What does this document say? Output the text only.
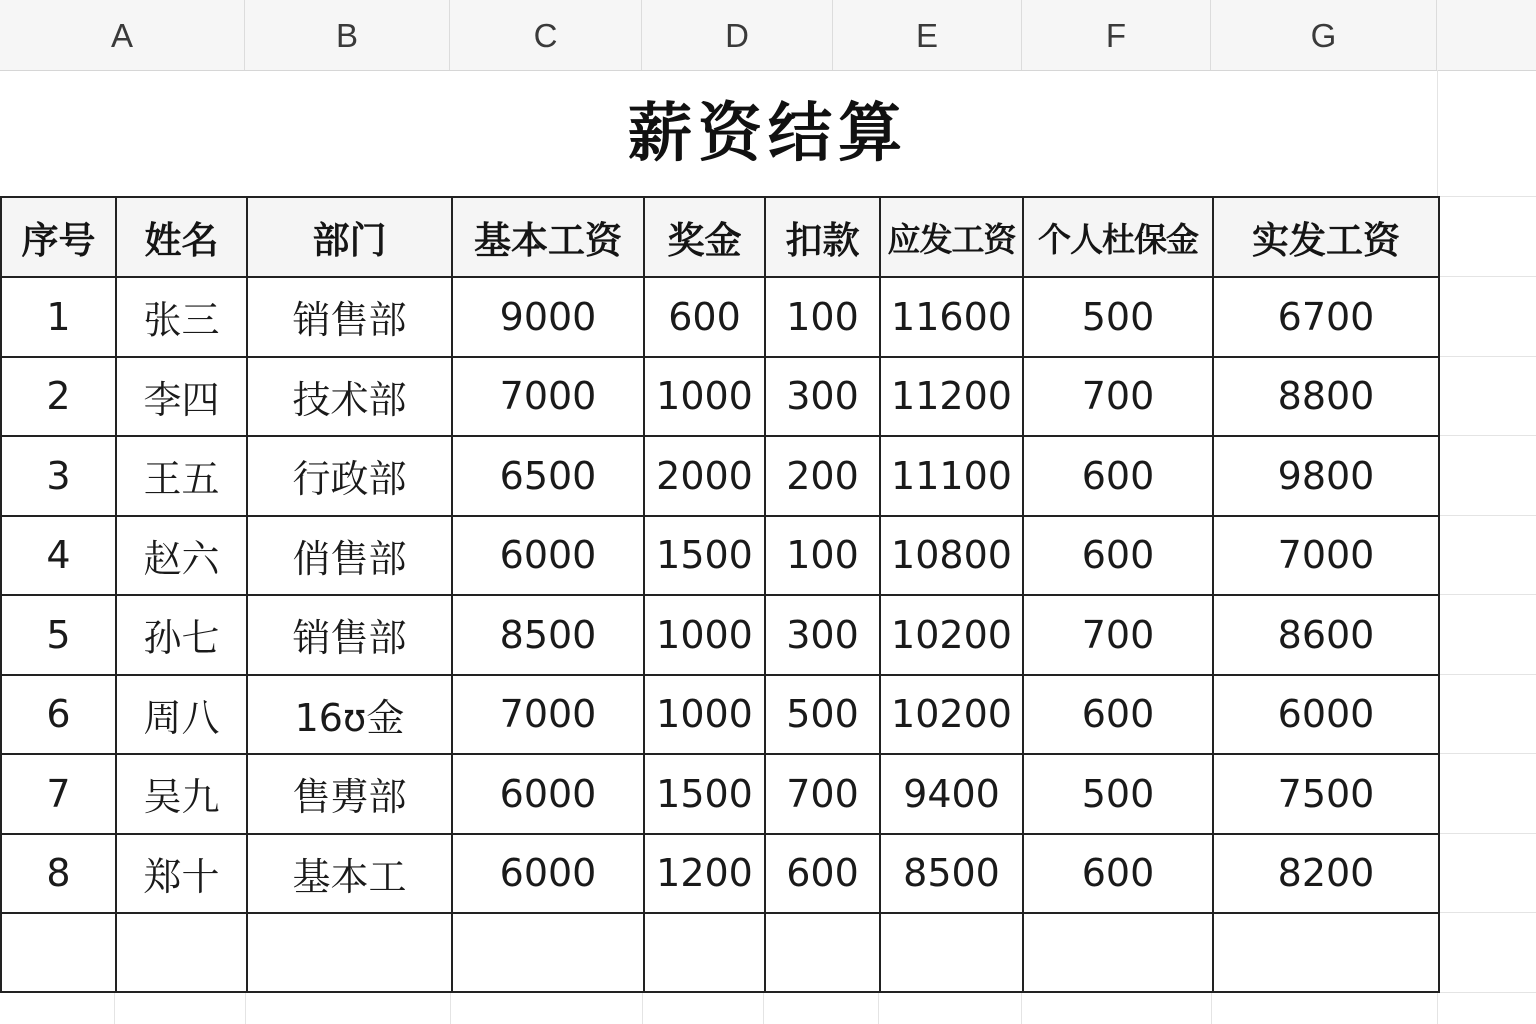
A	B	C	D	E	F	G
薪资结算
序号	姓名	部门	基本工资	奖金	扣款	应发工资	个人杜保金	实发工资
1	张三	销售部	9000	600	100	11600	500	6700
2	李四	技术部	7000	1000	300	11200	700	8800
3	王五	行政部	6500	2000	200	11100	600	9800
4	赵六	俏售部	6000	1500	100	10800	600	7000
5	孙七	销售部	8500	1000	300	10200	700	8600
6	周八	16ʊ金	7000	1000	500	10200	600	6000
7	吴九	售旉部	6000	1500	700	9400	500	7500
8	郑十	基本工	6000	1200	600	8500	600	8200
